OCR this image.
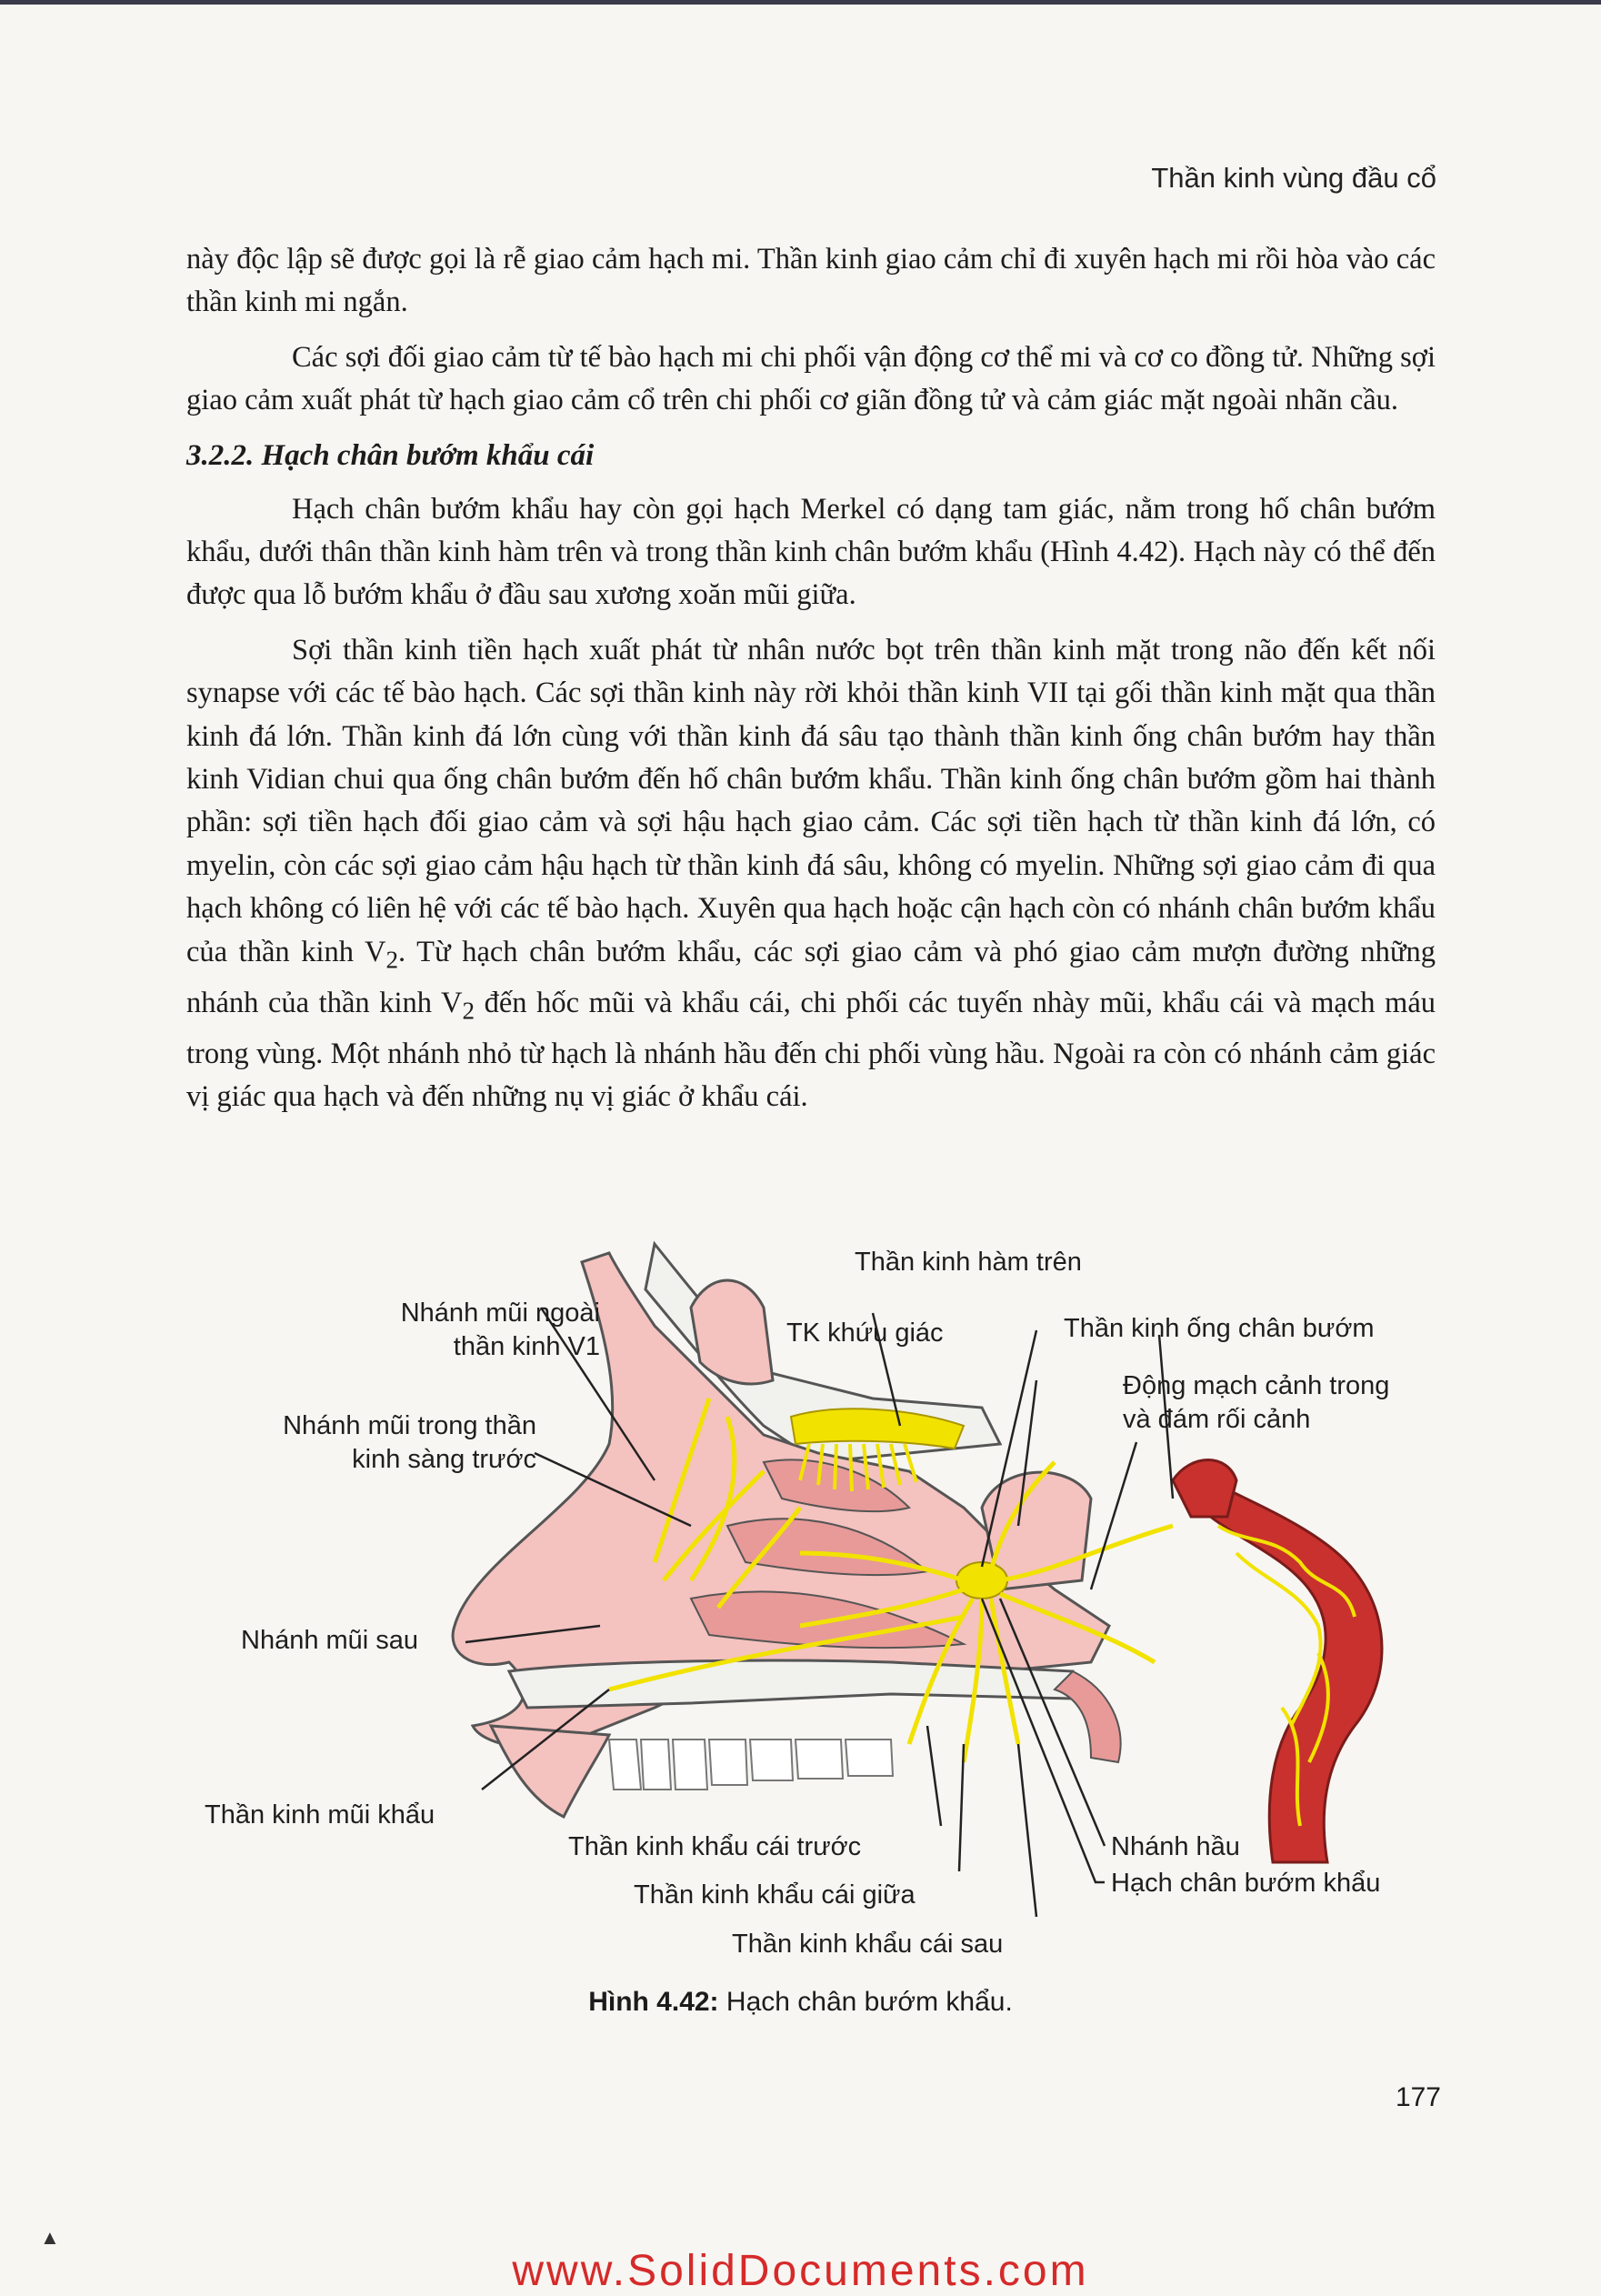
Thần kinh vùng đầu cổ

này độc lập sẽ được gọi là rễ giao cảm hạch mi. Thần kinh giao cảm chỉ đi xuyên hạch mi rồi hòa vào các thần kinh mi ngắn.

Các sợi đối giao cảm từ tế bào hạch mi chi phối vận động cơ thể mi và cơ co đồng tử. Những sợi giao cảm xuất phát từ hạch giao cảm cổ trên chi phối cơ giãn đồng tử và cảm giác mặt ngoài nhãn cầu.

3.2.2. Hạch chân bướm khẩu cái

Hạch chân bướm khẩu hay còn gọi hạch Merkel có dạng tam giác, nằm trong hố chân bướm khẩu, dưới thân thần kinh hàm trên và trong thần kinh chân bướm khẩu (Hình 4.42). Hạch này có thể đến được qua lỗ bướm khẩu ở đầu sau xương xoăn mũi giữa.

Sợi thần kinh tiền hạch xuất phát từ nhân nước bọt trên thần kinh mặt trong não đến kết nối synapse với các tế bào hạch. Các sợi thần kinh này rời khỏi thần kinh VII tại gối thần kinh mặt qua thần kinh đá lớn. Thần kinh đá lớn cùng với thần kinh đá sâu tạo thành thần kinh ống chân bướm hay thần kinh Vidian chui qua ống chân bướm đến hố chân bướm khẩu. Thần kinh ống chân bướm gồm hai thành phần: sợi tiền hạch đối giao cảm và sợi hậu hạch giao cảm. Các sợi tiền hạch từ thần kinh đá lớn, có myelin, còn các sợi giao cảm hậu hạch từ thần kinh đá sâu, không có myelin. Những sợi giao cảm đi qua hạch không có liên hệ với các tế bào hạch. Xuyên qua hạch hoặc cận hạch còn có nhánh chân bướm khẩu của thần kinh $V_2$. Từ hạch chân bướm khẩu, các sợi giao cảm và phó giao cảm mượn đường những nhánh của thần kinh $V_2$ đến hốc mũi và khẩu cái, chi phối các tuyến nhày mũi, khẩu cái và mạch máu trong vùng. Một nhánh nhỏ từ hạch là nhánh hầu đến chi phối vùng hầu. Ngoài ra còn có nhánh cảm giác vị giác qua hạch và đến những nụ vị giác ở khẩu cái.

Thần kinh hàm trên
Nhánh mũi ngoài
thần kinh V1	TK khứu giác	Thần kinh ống chân bướm
Động mạch cảnh trong
và đám rối cảnh
Nhánh mũi trong thần
kinh sàng trước
Nhánh mũi sau
Thần kinh mũi khẩu
Thần kinh khẩu cái trước
Thần kinh khẩu cái giữa
Thần kinh khẩu cái sau
Nhánh hầu
Hạch chân bướm khẩu
Hình 4.42: Hạch chân bướm khẩu.
177
▲
www.SolidDocuments.com
